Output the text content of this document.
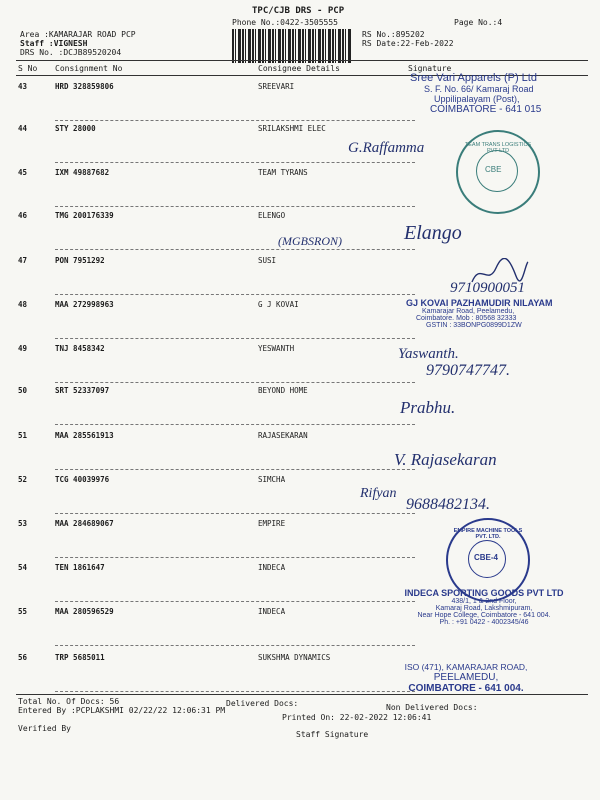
TPC/CJB DRS - PCP
Phone No.:0422-3505555	Page No.:4
Area :KAMARAJAR ROAD PCP
Staff :VIGNESH
DRS No. :DCJB89520204
RS No.:895202
RS Date:22-Feb-2022
S No Consignment No	Consignee Details	Signature
43	HRD 328859806	SREEVARI
44	STY 28000	SRILAKSHMI ELEC
45	IXM 49887682	TEAM TYRANS
46	TMG 200176339	ELENGO
47	PON 7951292	SUSI
48	MAA 272998963	G J KOVAI
49	TNJ 8458342	YESWANTH
50	SRT 52337097	BEYOND HOME
51	MAA 285561913	RAJASEKARAN
52	TCG 40039976	SIMCHA
53	MAA 284689067	EMPIRE
54	TEN 1861647	INDECA
55	MAA 280596529	INDECA
56	TRP 5685011	SUKSHMA DYNAMICS
Sree Vari Apparels (P) Ltd
S. F. No. 66/ Kamaraj Road
Uppilipalayam (Post),
COIMBATORE - 641 015
G.Raffamma	TEAM TRANS LOGISTICS PVT LTD
CBE
(MGBSRON)	Elango
9710900051
GJ KOVAI PAZHAMUDIR NILAYAM
Kamarajar Road, Peelamedu,
Coimbatore. Mob : 80568 32333
GSTIN : 33BONPG0899D1ZW
Yaswanth.
9790747747.
Prabhu.
V. Rajasekaran
Rifyan
9688482134.
EMPIRE MACHINE TOOLS PVT. LTD.
CBE-4
INDECA SPORTING GOODS PVT LTD
438/1, 1 & 2nd Floor,
Kamaraj Road, Lakshmipuram,
Near Hope College, Coimbatore - 641 004.
Ph. : +91 0422 - 4002345/46
ISO (471), KAMARAJAR ROAD,
PEELAMEDU,
COIMBATORE - 641 004.
Total No. Of Docs: 56	Delivered Docs:	Non Delivered Docs:
Entered By :PCPLAKSHMI 02/22/22 12:06:31 PM
Printed On: 22-02-2022 12:06:41
Verified By
Staff Signature
